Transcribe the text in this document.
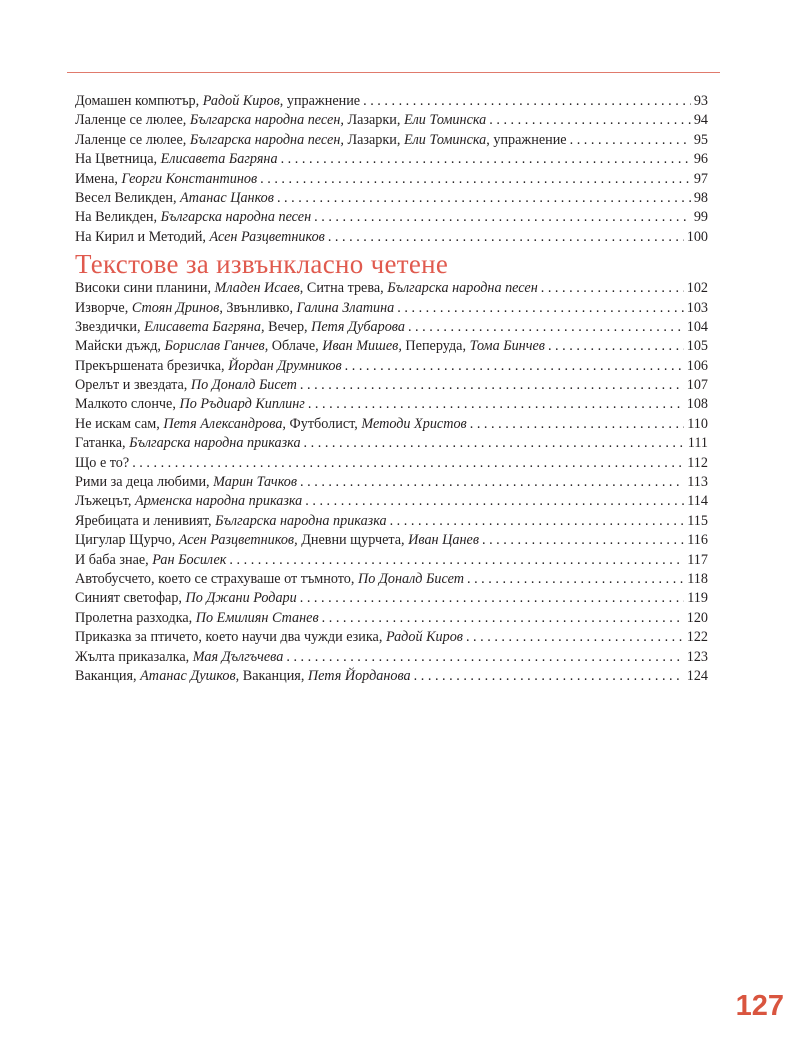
Домашен компютър, Радой Киров, упражнение . . .	93
Лаленце се люлее, Българска народна песен, Лазарки, Ели Томинска . . .	94
Лаленце се люлее, Българска народна песен, Лазарки, Ели Томинска, упражнение . . .	95
На Цветница, Елисавета Багряна . . .	96
Имена, Георги Константинов . . .	97
Весел Великден, Атанас Цанков . . .	98
На Великден, Българска народна песен . . .	99
На Кирил и Методий, Асен Разцветников . . .	100
Текстове за извънкласно четене
Високи сини планини, Младен Исаев, Ситна трева, Българска народна песен . . .	102
Изворче, Стоян Дринов, Звънливко, Галина Златина . . .	103
Звездички, Елисавета Багряна, Вечер, Петя Дубарова . . .	104
Майски дъжд, Борислав Ганчев, Облаче, Иван Мишев, Пеперуда, Тома Бинчев . . .	105
Прекършената брезичка, Йордан Друмников . . .	106
Орелът и звездата, По Доналд Бисет . . .	107
Малкото слонче, По Ръдиард Киплинг . . .	108
Не искам сам, Петя Александрова, Футболист, Методи Христов . . .	110
Гатанка, Българска народна приказка . . .	111
Що е то? . . .	112
Рими за деца любими, Марин Тачков . . .	113
Лъжецът, Арменска народна приказка . . .	114
Яребицата и ленивият, Българска народна приказка . . .	115
Цигулар Щурчо, Асен Разцветников, Дневни щурчета, Иван Цанев . . .	116
И баба знае, Ран Босилек . . .	117
Автобусчето, което се страхуваше от тъмното, По Доналд Бисет . . .	118
Синият светофар, По Джани Родари . . .	119
Пролетна разходка, По Емилиян Станев . . .	120
Приказка за птичето, което научи два чужди езика, Радой Киров . . .	122
Жълта приказалка, Мая Дългъчева . . .	123
Ваканция, Атанас Душков, Ваканция, Петя Йорданова . . .	124
127
